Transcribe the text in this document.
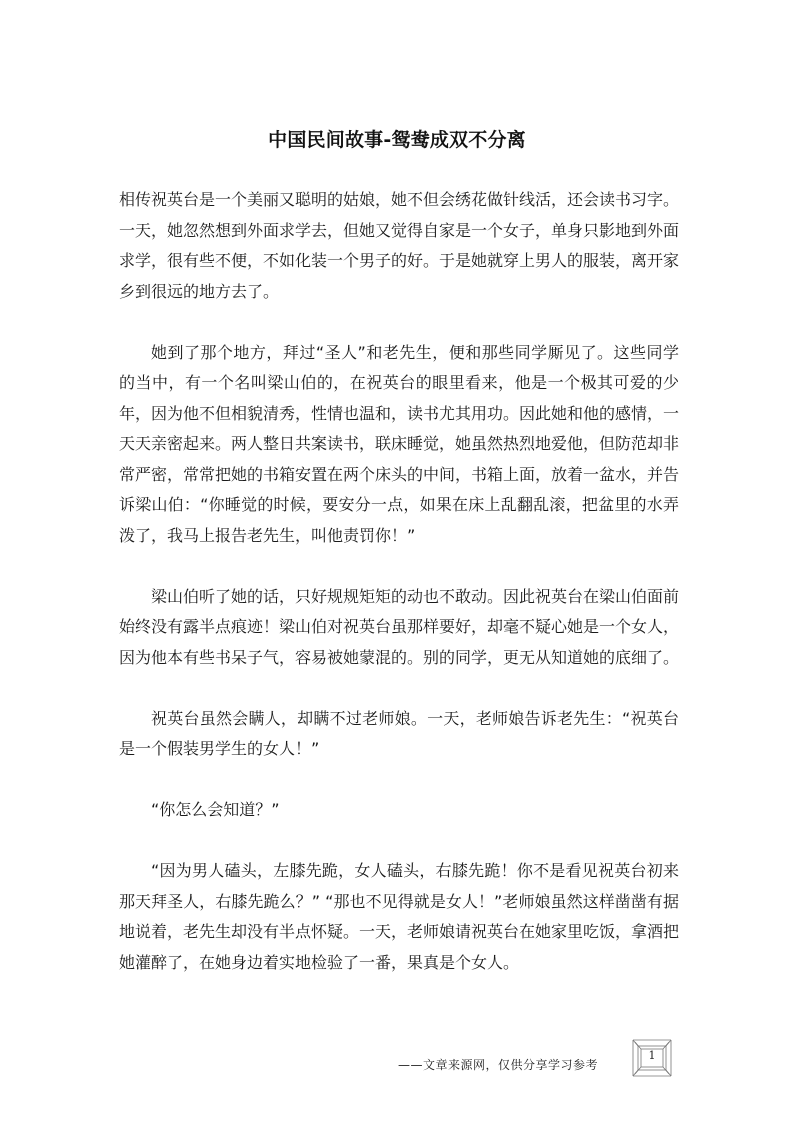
中国民间故事-鸳鸯成双不分离

相传祝英台是一个美丽又聪明的姑娘，她不但会绣花做针线活，还会读书习字。一天，她忽然想到外面求学去，但她又觉得自家是一个女子，单身只影地到外面求学，很有些不便，不如化装一个男子的好。于是她就穿上男人的服装，离开家乡到很远的地方去了。

她到了那个地方，拜过“圣人”和老先生，便和那些同学厮见了。这些同学的当中，有一个名叫梁山伯的，在祝英台的眼里看来，他是一个极其可爱的少年，因为他不但相貌清秀，性情也温和，读书尤其用功。因此她和他的感情，一天天亲密起来。两人整日共案读书，联床睡觉，她虽然热烈地爱他，但防范却非常严密，常常把她的书箱安置在两个床头的中间，书箱上面，放着一盆水，并告诉梁山伯：“你睡觉的时候，要安分一点，如果在床上乱翻乱滚，把盆里的水弄泼了，我马上报告老先生，叫他责罚你！”

梁山伯听了她的话，只好规规矩矩的动也不敢动。因此祝英台在梁山伯面前始终没有露半点痕迹！梁山伯对祝英台虽那样要好，却毫不疑心她是一个女人，因为他本有些书呆子气，容易被她蒙混的。别的同学，更无从知道她的底细了。

祝英台虽然会瞒人，却瞒不过老师娘。一天，老师娘告诉老先生：“祝英台是一个假装男学生的女人！”

“你怎么会知道？”

“因为男人磕头，左膝先跪，女人磕头，右膝先跪！你不是看见祝英台初来那天拜圣人，右膝先跪么？” “那也不见得就是女人！”老师娘虽然这样凿凿有据地说着，老先生却没有半点怀疑。一天，老师娘请祝英台在她家里吃饭，拿酒把她灌醉了，在她身边着实地检验了一番，果真是个女人。

——文章来源网，仅供分享学习参考
1
